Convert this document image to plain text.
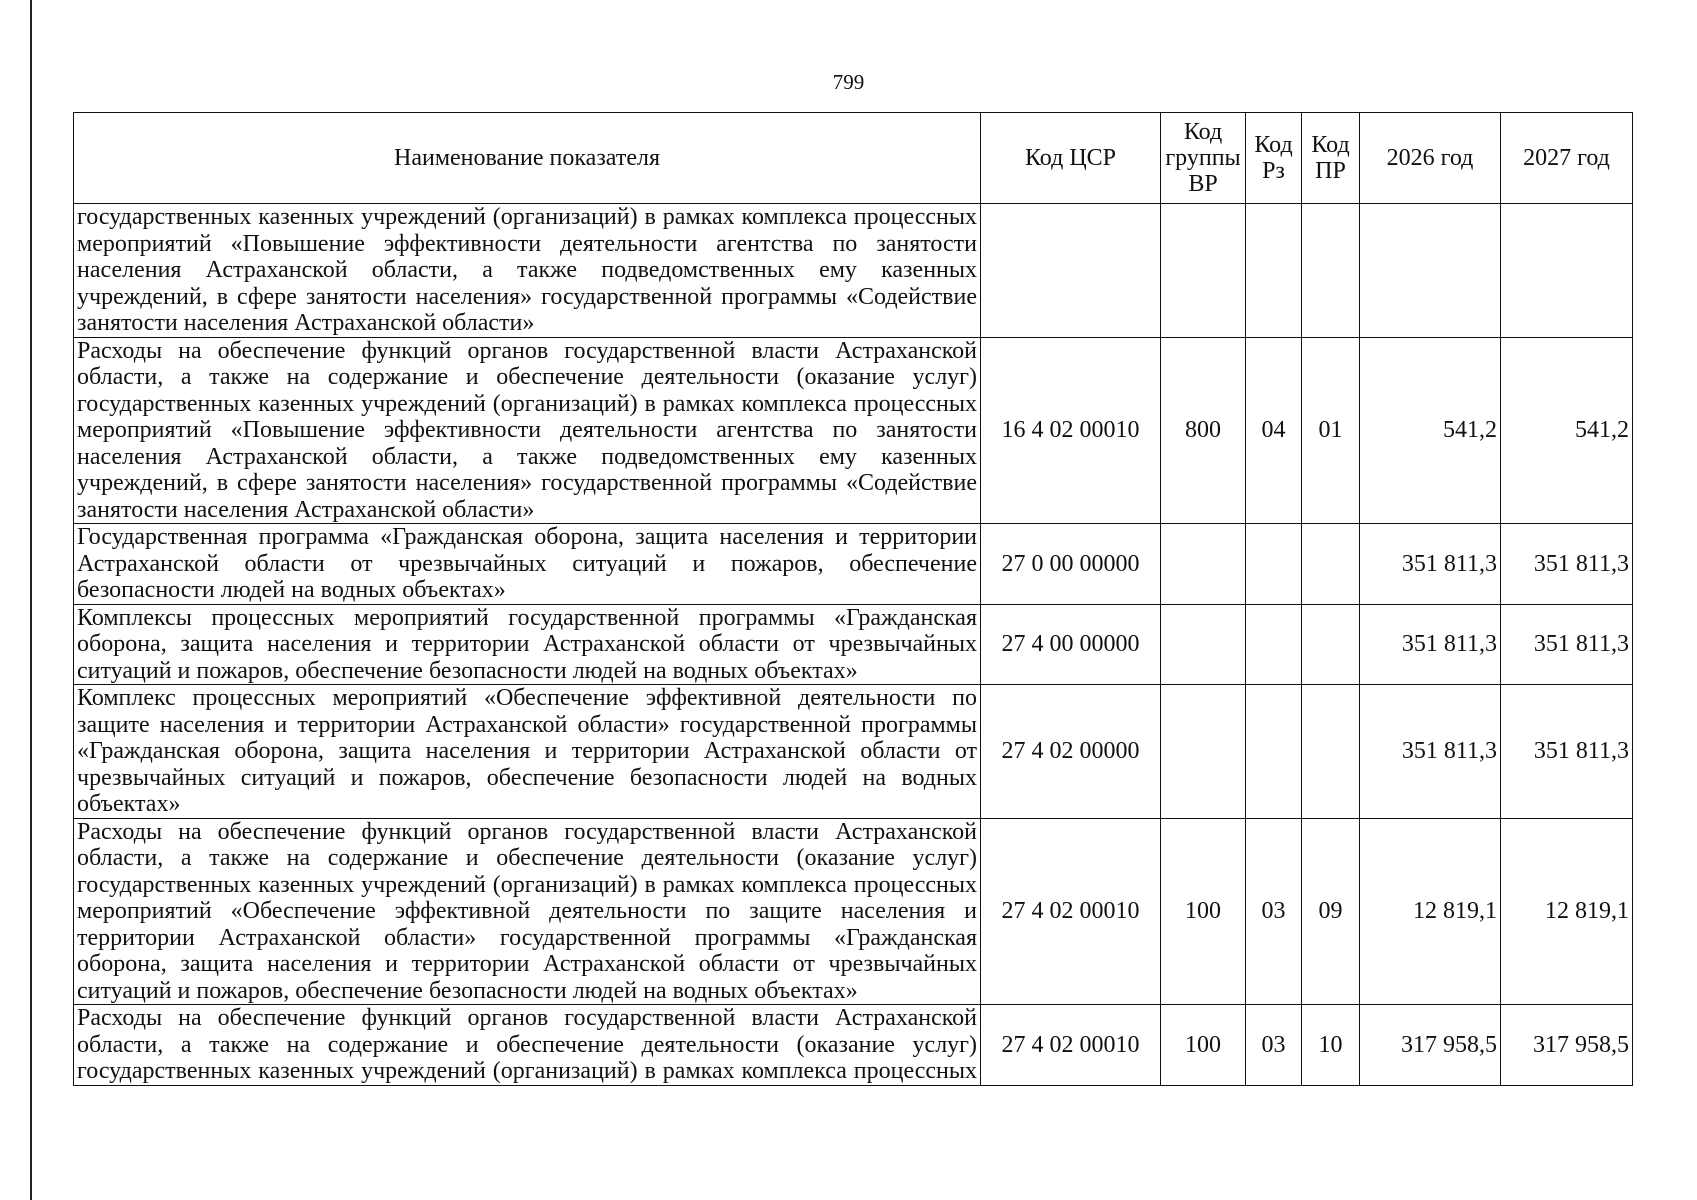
799
Наименование показателя	Код ЦСР	Код группы ВР	Код Рз	Код ПР	2026 год	2027 год
государственных казенных учреждений (организаций) в рамках комплекса процессных мероприятий «Повышение эффективности деятельности агентства по занятости населения Астраханской области, а также подведомственных ему казенных учреждений, в сфере занятости населения» государственной программы «Содействие занятости населения Астраханской области»						
Расходы на обеспечение функций органов государственной власти Астраханской области, а также на содержание и обеспечение деятельности (оказание услуг) государственных казенных учреждений (организаций) в рамках комплекса процессных мероприятий «Повышение эффективности деятельности агентства по занятости населения Астраханской области, а также подведомственных ему казенных учреждений, в сфере занятости населения» государственной программы «Содействие занятости населения Астраханской области»	16 4 02 00010	800	04	01	541,2	541,2
Государственная программа «Гражданская оборона, защита населения и территории Астраханской области от чрезвычайных ситуаций и пожаров, обеспечение безопасности людей на водных объектах»	27 0 00 00000				351 811,3	351 811,3
Комплексы процессных мероприятий государственной программы «Гражданская оборона, защита населения и территории Астраханской области от чрезвычайных ситуаций и пожаров, обеспечение безопасности людей на водных объектах»	27 4 00 00000				351 811,3	351 811,3
Комплекс процессных мероприятий «Обеспечение эффективной деятельности по защите населения и территории Астраханской области» государственной программы «Гражданская оборона, защита населения и территории Астраханской области от чрезвычайных ситуаций и пожаров, обеспечение безопасности людей на водных объектах»	27 4 02 00000				351 811,3	351 811,3
Расходы на обеспечение функций органов государственной власти Астраханской области, а также на содержание и обеспечение деятельности (оказание услуг) государственных казенных учреждений (организаций) в рамках комплекса процессных мероприятий «Обеспечение эффективной деятельности по защите населения и территории Астраханской области» государственной программы «Гражданская оборона, защита населения и территории Астраханской области от чрезвычайных ситуаций и пожаров, обеспечение безопасности людей на водных объектах»	27 4 02 00010	100	03	09	12 819,1	12 819,1
Расходы на обеспечение функций органов государственной власти Астраханской области, а также на содержание и обеспечение деятельности (оказание услуг) государственных казенных учреждений (организаций) в рамках комплекса процессных	27 4 02 00010	100	03	10	317 958,5	317 958,5
